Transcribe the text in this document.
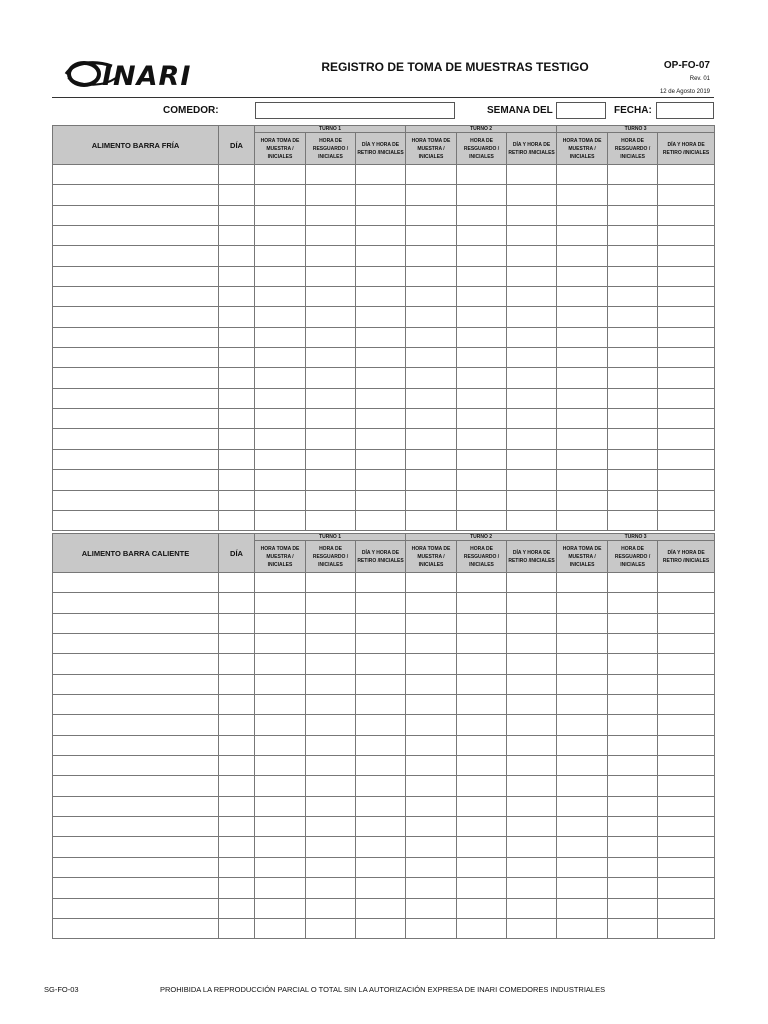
INARI	REGISTRO DE TOMA DE MUESTRAS TESTIGO	OP-FO-07
Rev. 01
12 de Agosto 2019
COMEDOR:	SEMANA DEL	FECHA:
ALIMENTO BARRA FRÍA	DÍA	TURNO 1			TURNO 2			TURNO 3		
		HORA TOMA DE MUESTRA / INICIALES	HORA DE RESGUARDO / INICIALES	DÍA Y HORA DE RETIRO /INICIALES	HORA TOMA DE MUESTRA / INICIALES	HORA DE RESGUARDO / INICIALES	DÍA Y HORA DE RETIRO /INICIALES	HORA TOMA DE MUESTRA / INICIALES	HORA DE RESGUARDO / INICIALES	DÍA Y HORA DE RETIRO /INICIALES

ALIMENTO BARRA CALIENTE	DÍA	TURNO 1			TURNO 2			TURNO 3		
		HORA TOMA DE MUESTRA / INICIALES	HORA DE RESGUARDO / INICIALES	DÍA Y HORA DE RETIRO /INICIALES	HORA TOMA DE MUESTRA / INICIALES	HORA DE RESGUARDO / INICIALES	DÍA Y HORA DE RETIRO /INICIALES	HORA TOMA DE MUESTRA / INICIALES	HORA DE RESGUARDO / INICIALES	DÍA Y HORA DE RETIRO /INICIALES

SG-FO-03	PROHIBIDA LA REPRODUCCIÓN PARCIAL O TOTAL SIN LA AUTORIZACIÓN EXPRESA DE INARI COMEDORES INDUSTRIALES
